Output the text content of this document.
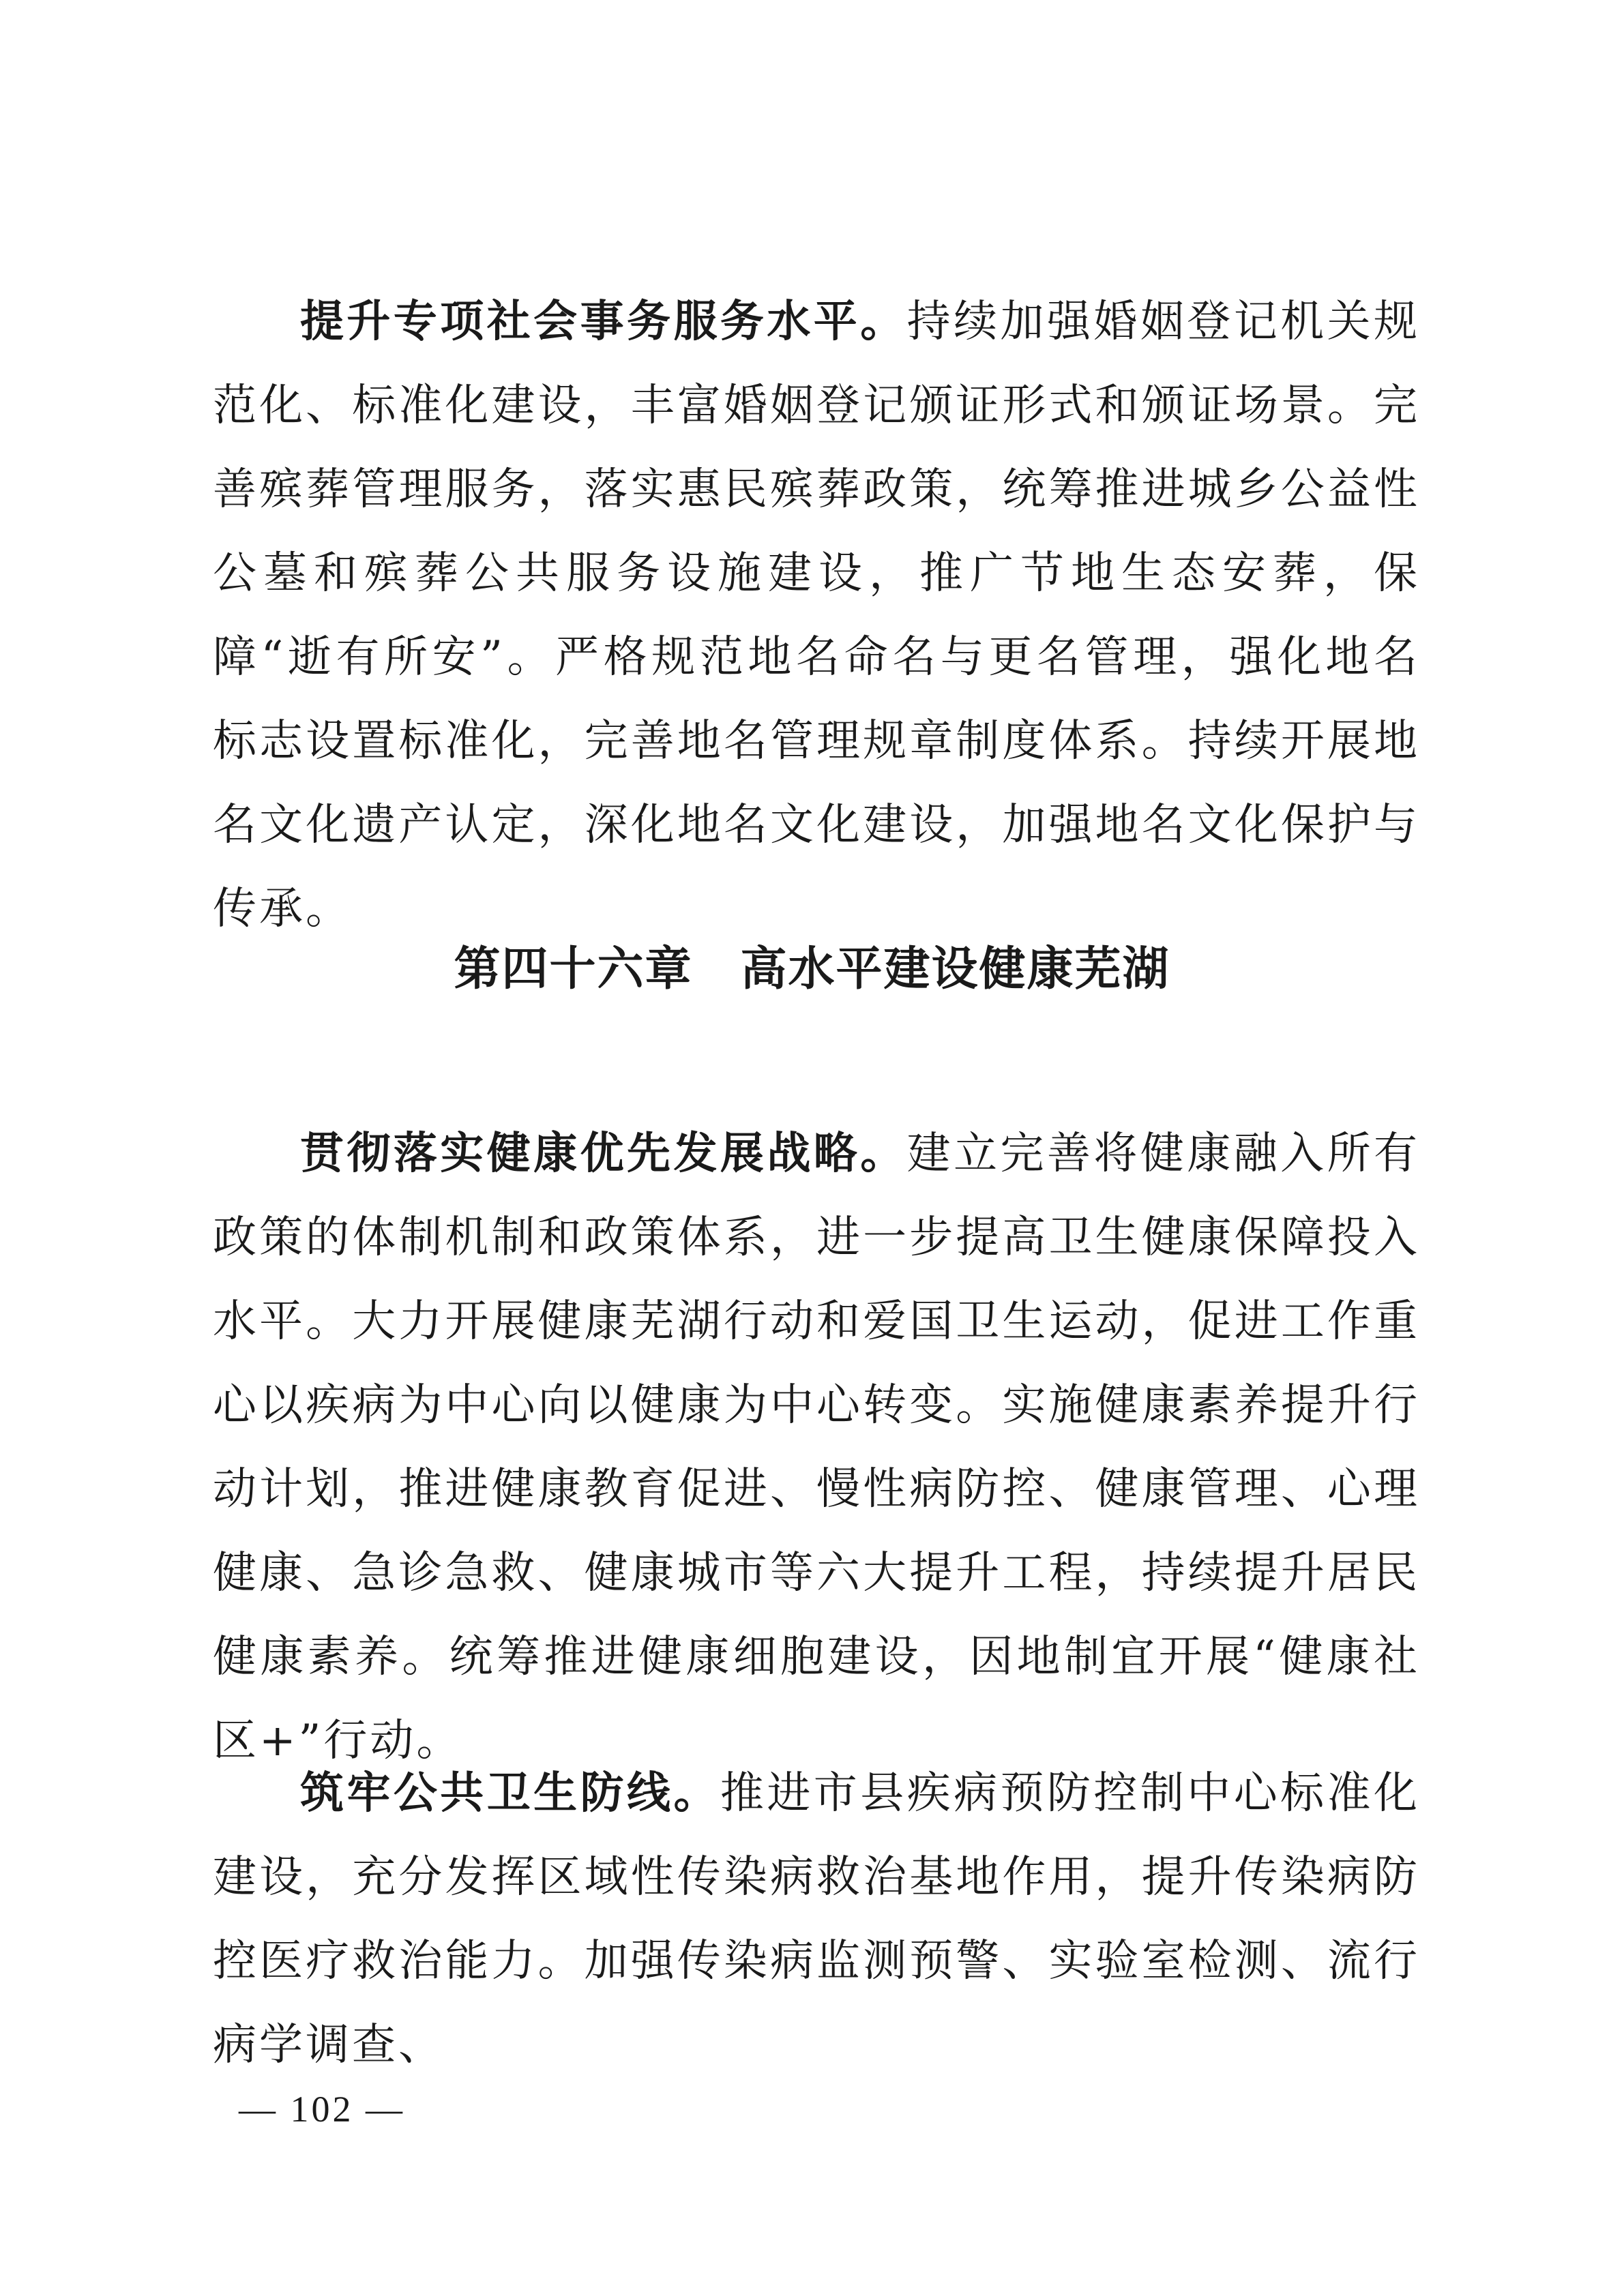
提升专项社会事务服务水平。持续加强婚姻登记机关规范化、标准化建设，丰富婚姻登记颁证形式和颁证场景。完善殡葬管理服务，落实惠民殡葬政策，统筹推进城乡公益性公墓和殡葬公共服务设施建设，推广节地生态安葬，保障“逝有所安”。严格规范地名命名与更名管理，强化地名标志设置标准化，完善地名管理规章制度体系。持续开展地名文化遗产认定，深化地名文化建设，加强地名文化保护与传承。

第四十六章 高水平建设健康芜湖

贯彻落实健康优先发展战略。建立完善将健康融入所有政策的体制机制和政策体系，进一步提高卫生健康保障投入水平。大力开展健康芜湖行动和爱国卫生运动，促进工作重心以疾病为中心向以健康为中心转变。实施健康素养提升行动计划，推进健康教育促进、慢性病防控、健康管理、心理健康、急诊急救、健康城市等六大提升工程，持续提升居民健康素养。统筹推进健康细胞建设，因地制宜开展“健康社区+”行动。

筑牢公共卫生防线。推进市县疾病预防控制中心标准化建设，充分发挥区域性传染病救治基地作用，提升传染病防控医疗救治能力。加强传染病监测预警、实验室检测、流行病学调查、

— 102 —
